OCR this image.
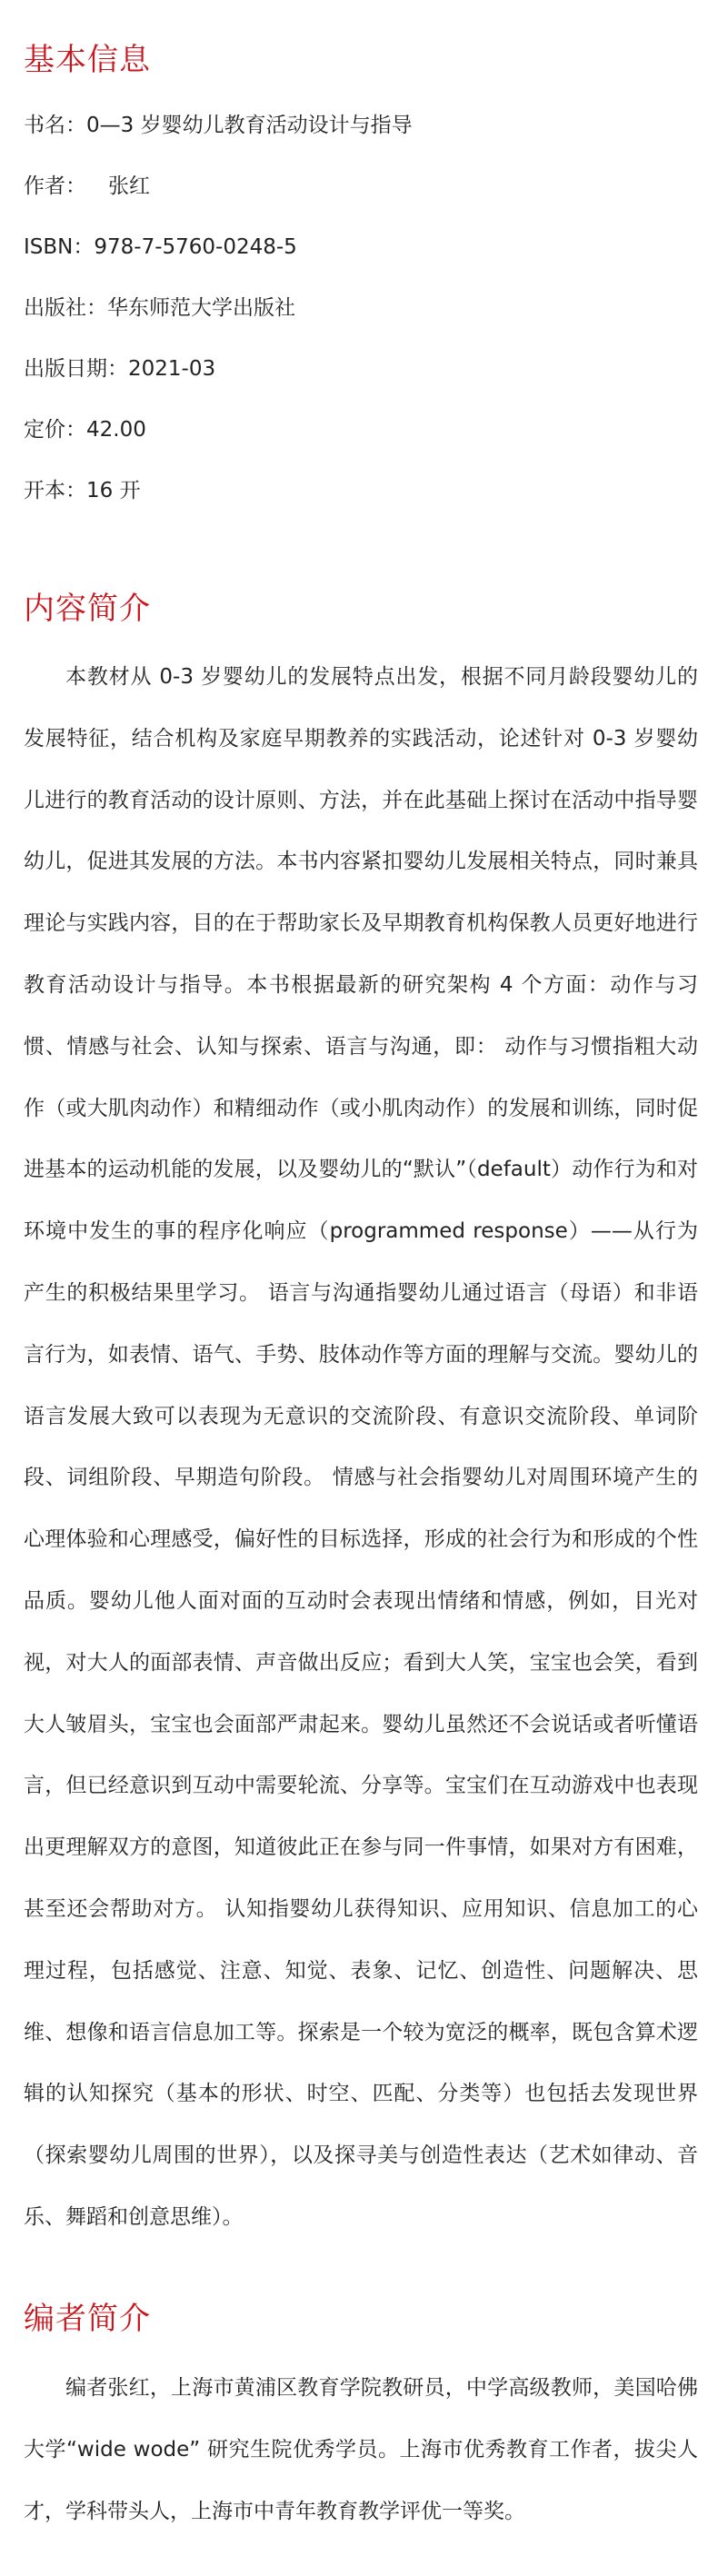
基本信息

书名：0—3 岁婴幼儿教育活动设计与指导

作者： 张红

ISBN：978-7-5760-0248-5

出版社：华东师范大学出版社

出版日期：2021-03

定价：42.00

开本：16 开

内容简介

本教材从 0-3 岁婴幼儿的发展特点出发，根据不同月龄段婴幼儿的发展特征，结合机构及家庭早期教养的实践活动，论述针对 0-3 岁婴幼儿进行的教育活动的设计原则、方法，并在此基础上探讨在活动中指导婴幼儿，促进其发展的方法。本书内容紧扣婴幼儿发展相关特点，同时兼具理论与实践内容，目的在于帮助家长及早期教育机构保教人员更好地进行教育活动设计与指导。本书根据最新的研究架构 4 个方面：动作与习惯、情感与社会、认知与探索、语言与沟通，即： 动作与习惯指粗大动作（或大肌肉动作）和精细动作（或小肌肉动作）的发展和训练，同时促进基本的运动机能的发展，以及婴幼儿的“默认”（default）动作行为和对环境中发生的事的程序化响应（programmed response）——从行为产生的积极结果里学习。 语言与沟通指婴幼儿通过语言（母语）和非语言行为，如表情、语气、手势、肢体动作等方面的理解与交流。婴幼儿的语言发展大致可以表现为无意识的交流阶段、有意识交流阶段、单词阶段、词组阶段、早期造句阶段。 情感与社会指婴幼儿对周围环境产生的心理体验和心理感受，偏好性的目标选择，形成的社会行为和形成的个性品质。婴幼儿他人面对面的互动时会表现出情绪和情感，例如，目光对视，对大人的面部表情、声音做出反应；看到大人笑，宝宝也会笑，看到大人皱眉头，宝宝也会面部严肃起来。婴幼儿虽然还不会说话或者听懂语言，但已经意识到互动中需要轮流、分享等。宝宝们在互动游戏中也表现出更理解双方的意图，知道彼此正在参与同一件事情，如果对方有困难，甚至还会帮助对方。 认知指婴幼儿获得知识、应用知识、信息加工的心理过程，包括感觉、注意、知觉、表象、记忆、创造性、问题解决、思维、想像和语言信息加工等。探索是一个较为宽泛的概率，既包含算术逻辑的认知探究（基本的形状、时空、匹配、分类等）也包括去发现世界（探索婴幼儿周围的世界），以及探寻美与创造性表达（艺术如律动、音乐、舞蹈和创意思维）。

编者简介

编者张红，上海市黄浦区教育学院教研员，中学高级教师，美国哈佛大学“wide wode” 研究生院优秀学员。上海市优秀教育工作者，拔尖人才，学科带头人，上海市中青年教育教学评优一等奖。
